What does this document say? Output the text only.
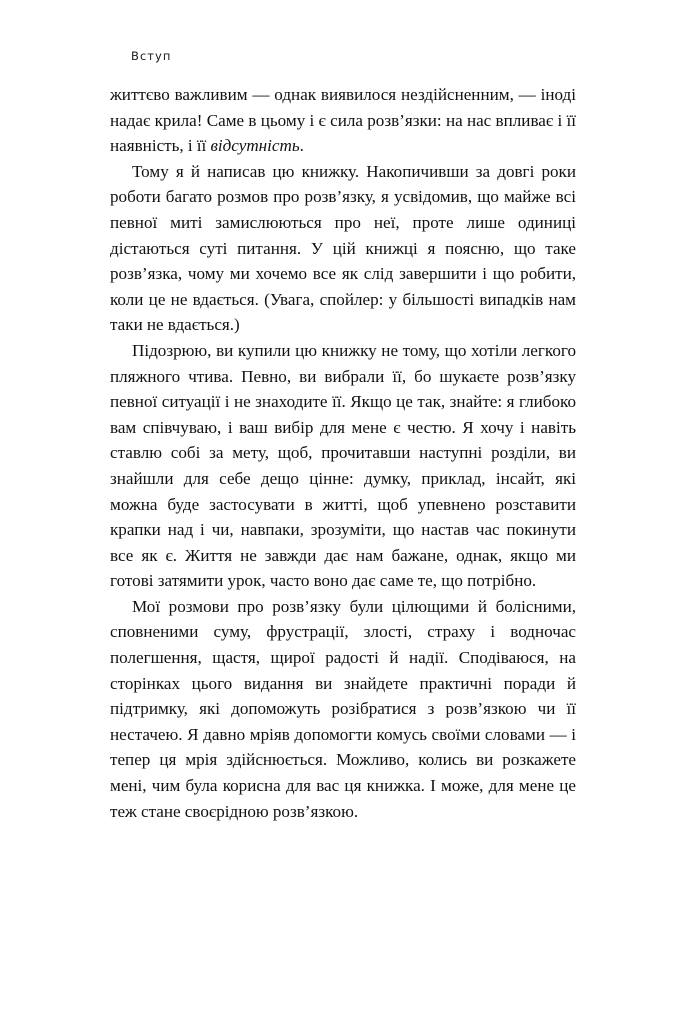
Вступ

життєво важливим — однак виявилося нездійсненним, — іноді надає крила! Саме в цьому і є сила розв’язки: на нас впливає і її наявність, і її відсутність.

Тому я й написав цю книжку. Накопичивши за довгі роки роботи багато розмов про розв’язку, я усвідомив, що майже всі певної миті замислюються про неї, проте лише одиниці дістаються суті питання. У цій книжці я поясню, що таке розв’язка, чому ми хочемо все як слід завершити і що робити, коли це не вдається. (Увага, спойлер: у більшості випадків нам таки не вдається.)

Підозрюю, ви купили цю книжку не тому, що хотіли легкого пляжного чтива. Певно, ви вибрали її, бо шукаєте розв’язку певної ситуації і не знаходите її. Якщо це так, знайте: я глибоко вам співчуваю, і ваш вибір для мене є честю. Я хочу і навіть ставлю собі за мету, щоб, прочитавши наступні розділи, ви знайшли для себе дещо цінне: думку, приклад, інсайт, які можна буде застосувати в житті, щоб упевнено розставити крапки над і чи, навпаки, зрозуміти, що настав час покинути все як є. Життя не завжди дає нам бажане, однак, якщо ми готові затямити урок, часто воно дає саме те, що потрібно.

Мої розмови про розв’язку були цілющими й болісними, сповненими суму, фрустрації, злості, страху і водночас полегшення, щастя, щирої радості й надії. Сподіваюся, на сторінках цього видання ви знайдете практичні поради й підтримку, які допоможуть розібратися з розв’язкою чи її нестачею. Я давно мріяв допомогти комусь своїми словами — і тепер ця мрія здійснюється. Можливо, колись ви розкажете мені, чим була корисна для вас ця книжка. І може, для мене це теж стане своєрідною розв’язкою.
